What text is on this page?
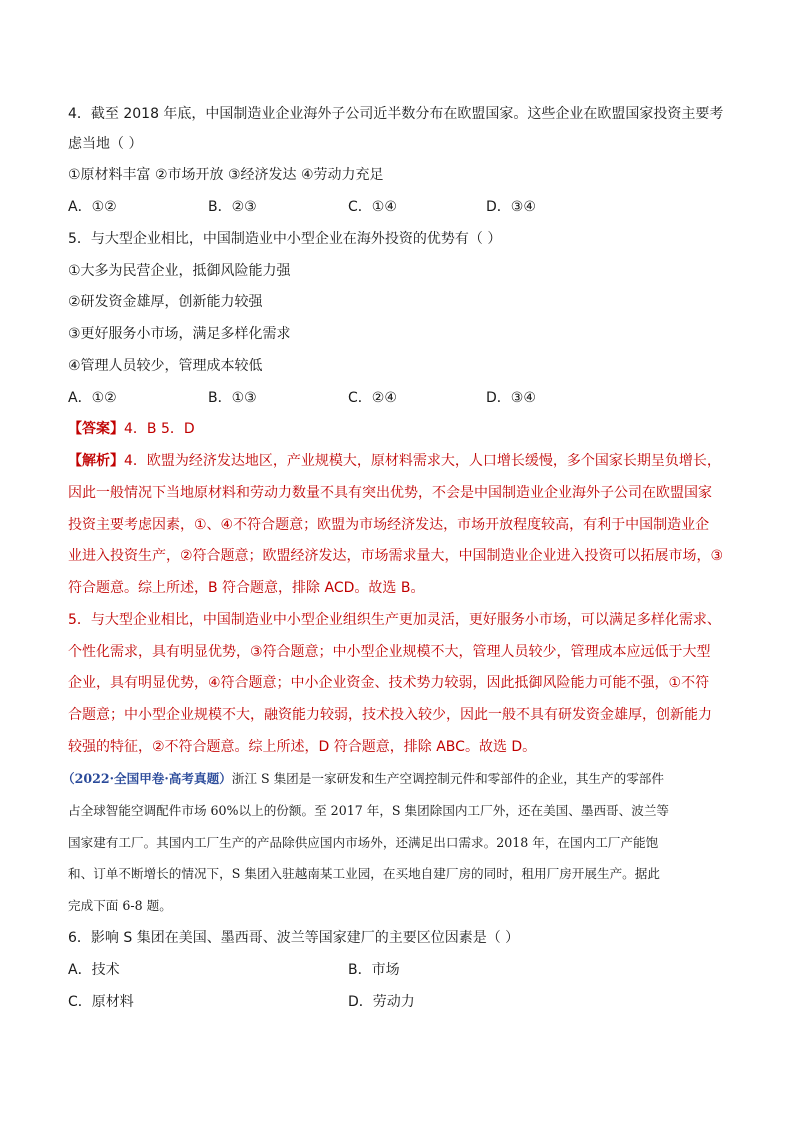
4．截至 2018 年底，中国制造业企业海外子公司近半数分布在欧盟国家。这些企业在欧盟国家投资主要考
虑当地（ ）
①原材料丰富 ②市场开放 ③经济发达 ④劳动力充足
A．①②	B．②③	C．①④	D．③④
5．与大型企业相比，中国制造业中小型企业在海外投资的优势有（ ）
①大多为民营企业，抵御风险能力强
②研发资金雄厚，创新能力较强
③更好服务小市场，满足多样化需求
④管理人员较少，管理成本较低
A．①②	B．①③	C．②④	D．③④
【答案】4．B 5．D
【解析】4．欧盟为经济发达地区，产业规模大，原材料需求大，人口增长缓慢，多个国家长期呈负增长，
因此一般情况下当地原材料和劳动力数量不具有突出优势，不会是中国制造业企业海外子公司在欧盟国家
投资主要考虑因素，①、④不符合题意；欧盟为市场经济发达，市场开放程度较高，有利于中国制造业企
业进入投资生产，②符合题意；欧盟经济发达，市场需求量大，中国制造业企业进入投资可以拓展市场，③
符合题意。综上所述，B 符合题意，排除 ACD。故选 B。
5．与大型企业相比，中国制造业中小型企业组织生产更加灵活，更好服务小市场，可以满足多样化需求、
个性化需求，具有明显优势，③符合题意；中小型企业规模不大，管理人员较少，管理成本应远低于大型
企业，具有明显优势，④符合题意；中小企业资金、技术势力较弱，因此抵御风险能力可能不强，①不符
合题意；中小型企业规模不大，融资能力较弱，技术投入较少，因此一般不具有研发资金雄厚，创新能力
较强的特征，②不符合题意。综上所述，D 符合题意，排除 ABC。故选 D。
（2022·全国甲卷·高考真题）浙江 S 集团是一家研发和生产空调控制元件和零部件的企业，其生产的零部件
占全球智能空调配件市场 60%以上的份额。至 2017 年，S 集团除国内工厂外，还在美国、墨西哥、波兰等
国家建有工厂。其国内工厂生产的产品除供应国内市场外，还满足出口需求。2018 年，在国内工厂产能饱
和、订单不断增长的情况下，S 集团入驻越南某工业园，在买地自建厂房的同时，租用厂房开展生产。据此
完成下面 6-8 题。
6．影响 S 集团在美国、墨西哥、波兰等国家建厂的主要区位因素是（ ）
A．技术	B．市场
C．原材料	D．劳动力
